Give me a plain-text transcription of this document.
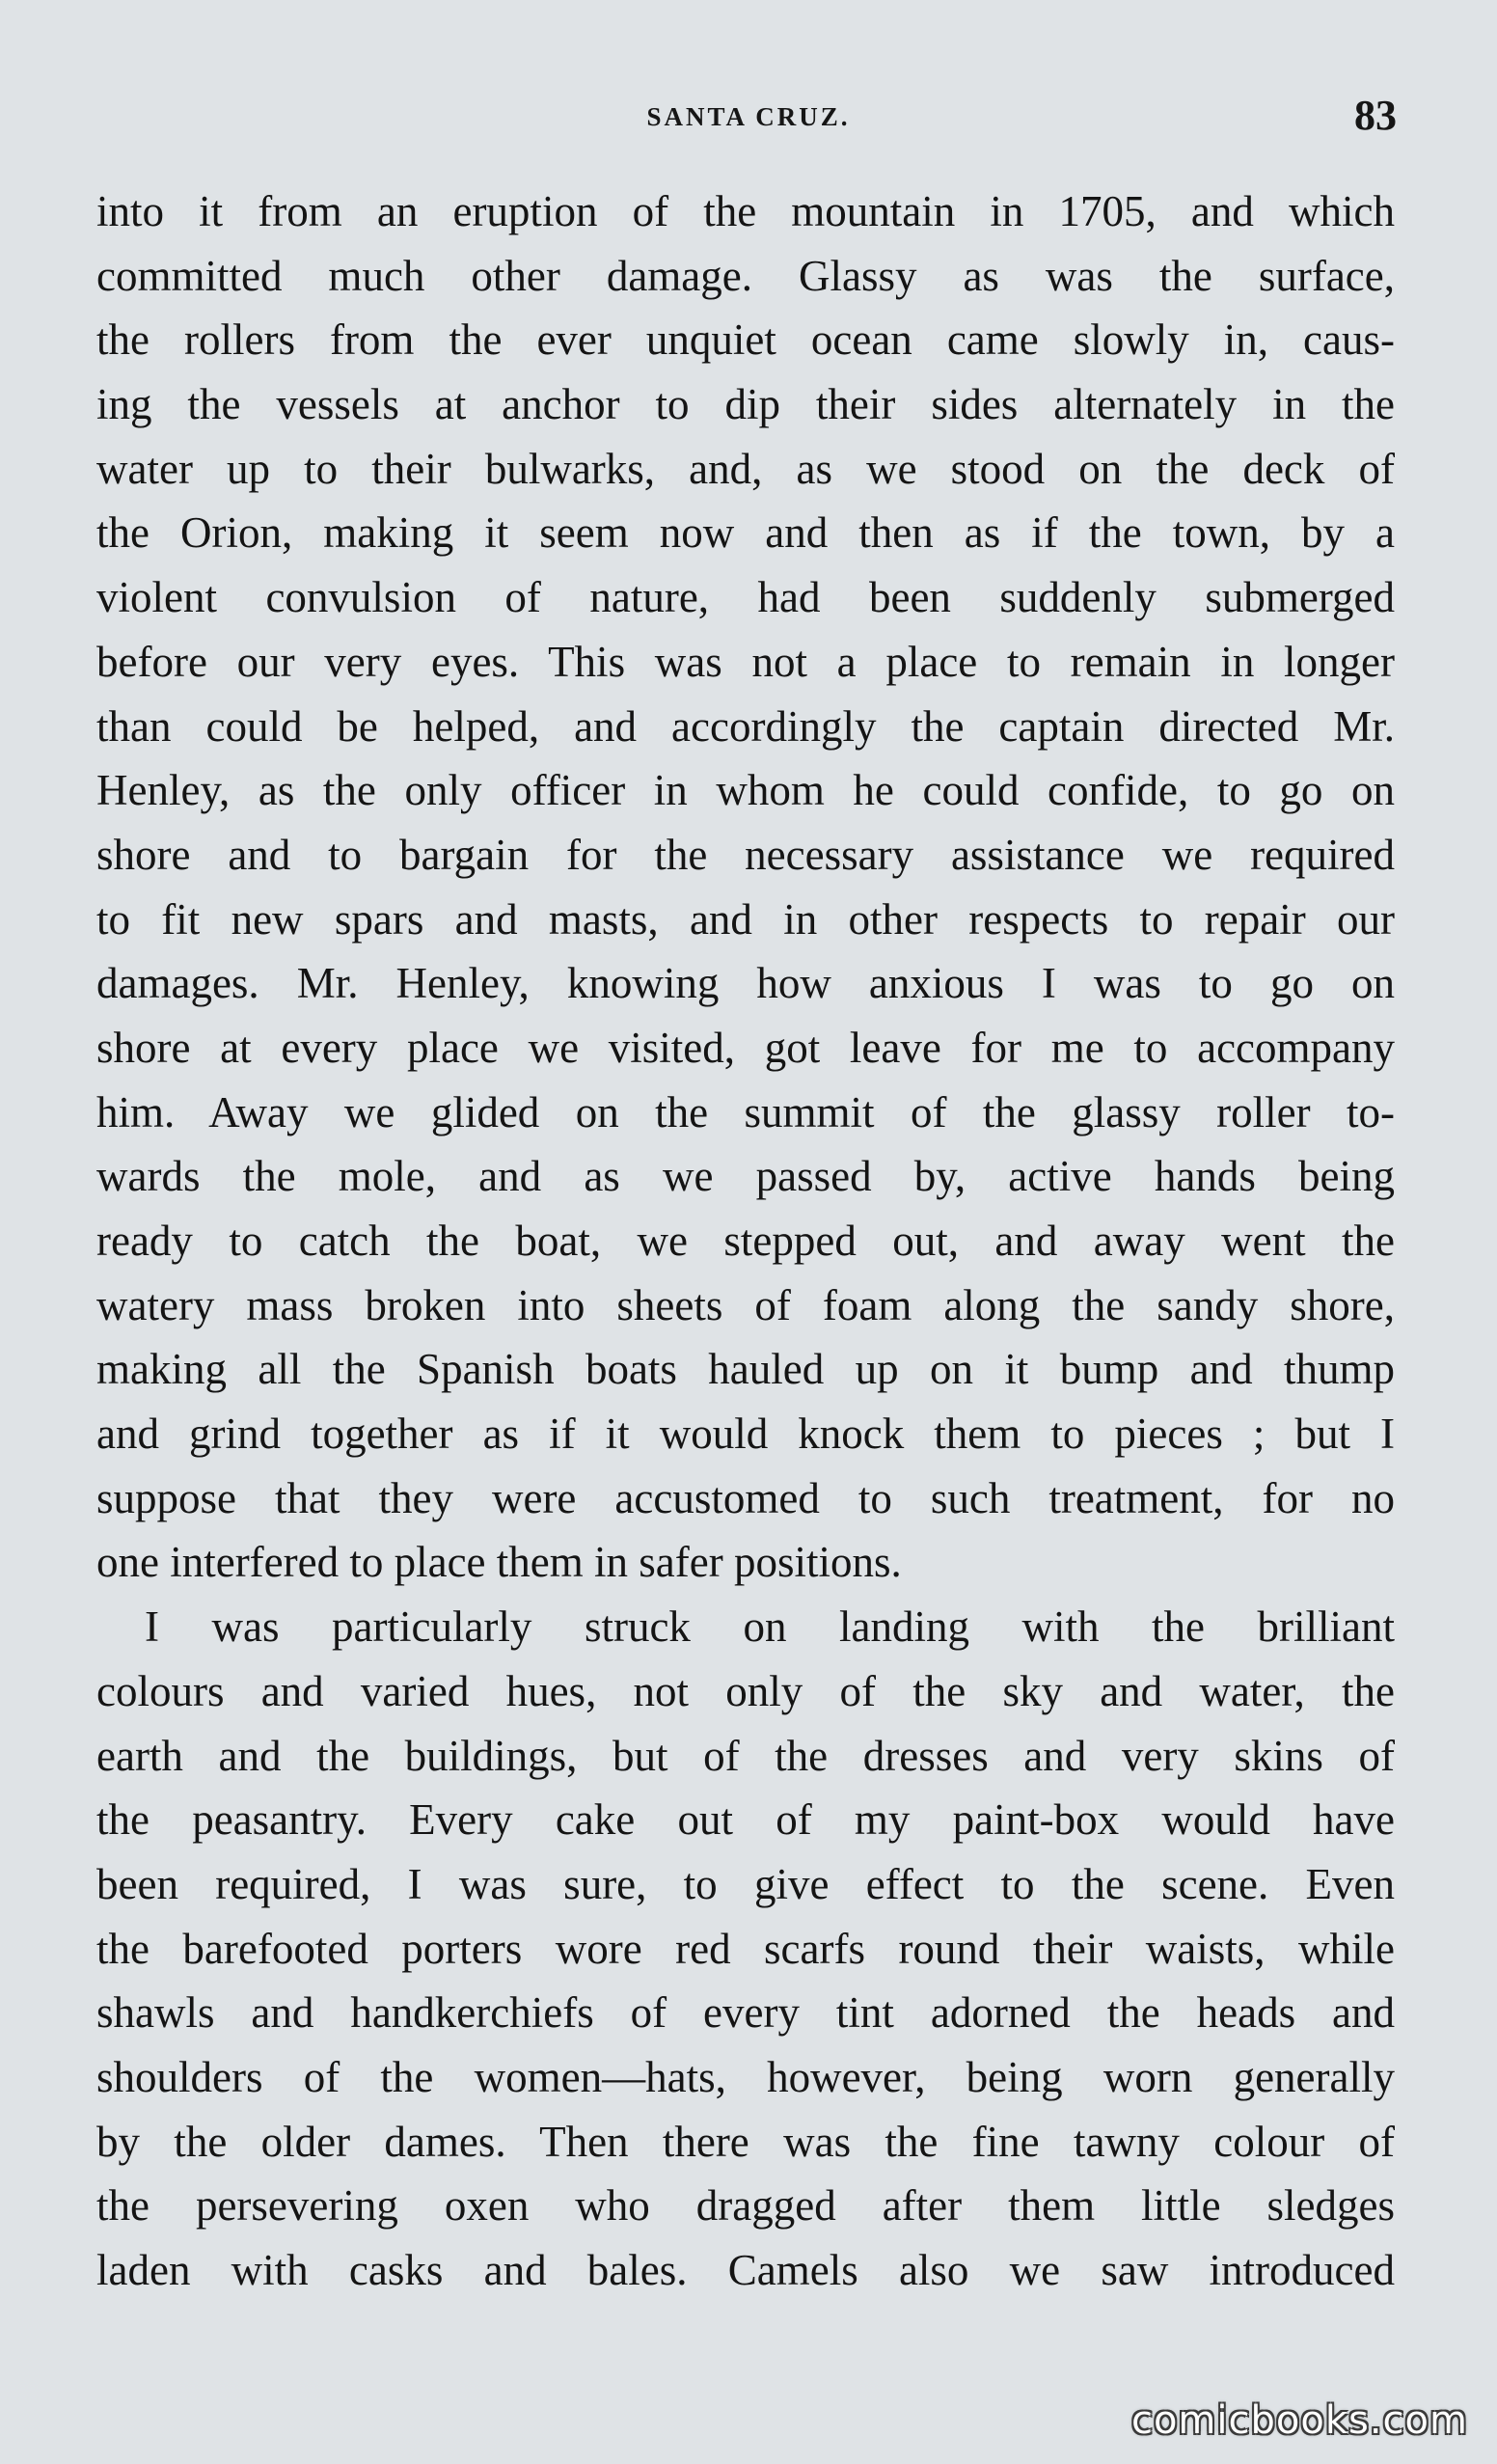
SANTA CRUZ.	83
into it from an eruption of the mountain in 1705, and which
committed much other damage. Glassy as was the surface,
the rollers from the ever unquiet ocean came slowly in, caus-
ing the vessels at anchor to dip their sides alternately in the
water up to their bulwarks, and, as we stood on the deck of
the Orion, making it seem now and then as if the town, by a
violent convulsion of nature, had been suddenly submerged
before our very eyes. This was not a place to remain in longer
than could be helped, and accordingly the captain directed Mr.
Henley, as the only officer in whom he could confide, to go on
shore and to bargain for the necessary assistance we required
to fit new spars and masts, and in other respects to repair our
damages. Mr. Henley, knowing how anxious I was to go on
shore at every place we visited, got leave for me to accompany
him. Away we glided on the summit of the glassy roller to-
wards the mole, and as we passed by, active hands being
ready to catch the boat, we stepped out, and away went the
watery mass broken into sheets of foam along the sandy shore,
making all the Spanish boats hauled up on it bump and thump
and grind together as if it would knock them to pieces ; but I
suppose that they were accustomed to such treatment, for no
one interfered to place them in safer positions.
I was particularly struck on landing with the brilliant
colours and varied hues, not only of the sky and water, the
earth and the buildings, but of the dresses and very skins of
the peasantry. Every cake out of my paint-box would have
been required, I was sure, to give effect to the scene. Even
the barefooted porters wore red scarfs round their waists, while
shawls and handkerchiefs of every tint adorned the heads and
shoulders of the women—hats, however, being worn generally
by the older dames. Then there was the fine tawny colour of
the persevering oxen who dragged after them little sledges
laden with casks and bales. Camels also we saw introduced
comicbooks.com
